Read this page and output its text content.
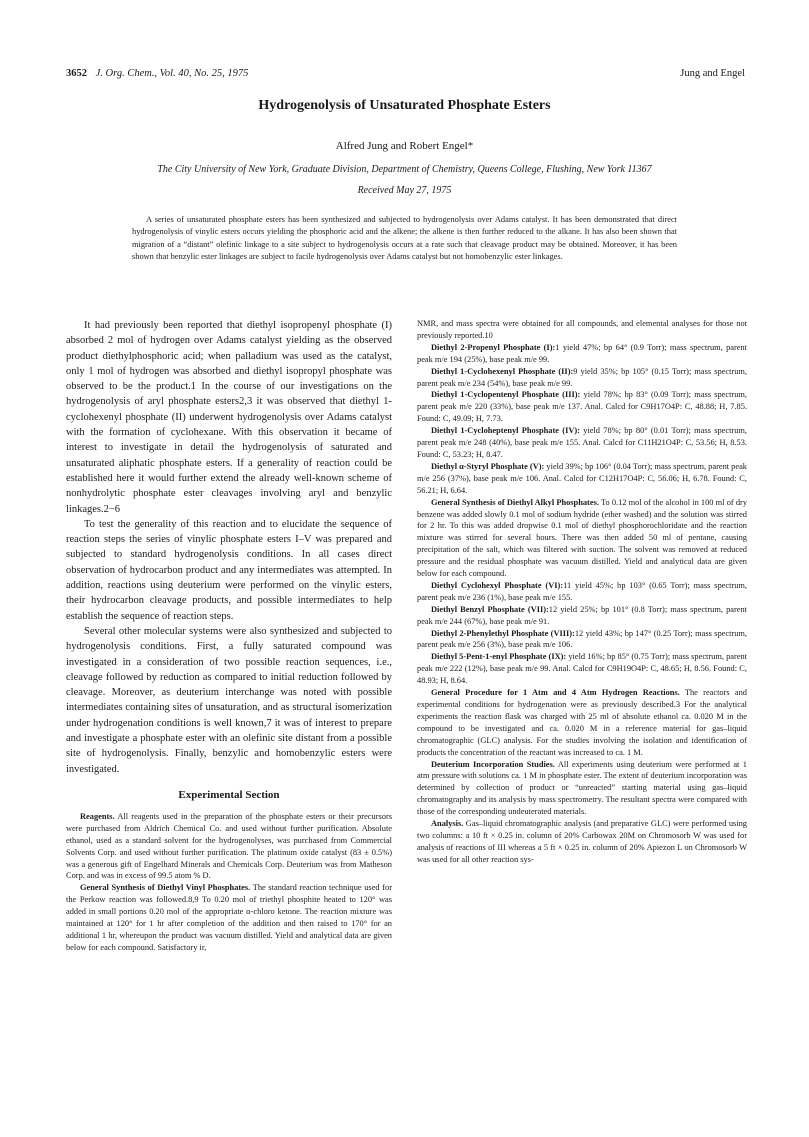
3652 J. Org. Chem., Vol. 40, No. 25, 1975	Jung and Engel
Hydrogenolysis of Unsaturated Phosphate Esters
Alfred Jung and Robert Engel*
The City University of New York, Graduate Division, Department of Chemistry, Queens College, Flushing, New York 11367
Received May 27, 1975

A series of unsaturated phosphate esters has been synthesized and subjected to hydrogenolysis over Adams catalyst. It has been demonstrated that direct hydrogenolysis of vinylic esters occurs yielding the phosphoric acid and the alkene; the alkene is then further reduced to the alkane. It has also been shown that migration of a “distant” olefinic linkage to a site subject to hydrogenolysis occurs at a rate such that cleavage product may be obtained. Moreover, it has been shown that benzylic ester linkages are subject to facile hydrogenolysis over Adams catalyst but not homobenzylic ester linkages.

It had previously been reported that diethyl isopropenyl phosphate (I) absorbed 2 mol of hydrogen over Adams catalyst yielding as the observed product diethylphosphoric acid; when palladium was used as the catalyst, only 1 mol of hydrogen was absorbed and diethyl isopropyl phosphate was observed to be the product.1 In the course of our investigations on the hydrogenolysis of aryl phosphate esters2,3 it was observed that diethyl 1-cyclohexenyl phosphate (II) underwent hydrogenolysis over Adams catalyst with the formation of cyclohexane. With this observation it became of interest to investigate in detail the hydrogenolysis of saturated and unsaturated aliphatic phosphate esters. If a generality of reaction could be established here it would further extend the already well-known scheme of nonhydrolytic phosphate ester cleavages involving aryl and benzylic linkages.2−6

To test the generality of this reaction and to elucidate the sequence of reaction steps the series of vinylic phosphate esters I–V was prepared and subjected to standard hydrogenolysis conditions. In all cases direct observation of hydrocarbon product and any intermediates was attempted. In addition, reactions using deuterium were performed on the vinylic esters, their hydrocarbon cleavage products, and possible intermediates to help establish the sequence of reaction steps.

Several other molecular systems were also synthesized and subjected to hydrogenolysis conditions. First, a fully saturated compound was investigated in a consideration of two possible reaction sequences, i.e., cleavage followed by reduction as compared to initial reduction followed by cleavage. Moreover, as deuterium interchange was noted with possible intermediates containing sites of unsaturation, and as structural isomerization under hydrogenation conditions is well known,7 it was of interest to prepare and investigate a phosphate ester with an olefinic site distant from a possible site of hydrogenolysis. Finally, benzylic and homobenzylic esters were investigated.

Experimental Section

Reagents. All reagents used in the preparation of the phosphate esters or their precursors were purchased from Aldrich Chemical Co. and used without further purification. Absolute ethanol, used as a standard solvent for the hydrogenolyses, was purchased from Commercial Solvents Corp. and used without further purification. The platinum oxide catalyst (83 ± 0.5%) was a generous gift of Engelhard Minerals and Chemicals Corp. Deuterium was from Matheson Corp. and was in excess of 99.5 atom % D.

General Synthesis of Diethyl Vinyl Phosphates. The standard reaction technique used for the Perkow reaction was followed.8,9 To 0.20 mol of triethyl phosphite heated to 120° was added in small portions 0.20 mol of the appropriate α-chloro ketone. The reaction mixture was maintained at 120° for 1 hr after completion of the addition and then raised to 170° for an additional 1 hr, whereupon the product was vacuum distilled. Yield and analytical data are given below for each compound. Satisfactory ir,

NMR, and mass spectra were obtained for all compounds, and elemental analyses for those not previously reported.10

Diethyl 2-Propenyl Phosphate (I):1 yield 47%; bp 64° (0.9 Torr); mass spectrum, parent peak m/e 194 (25%), base peak m/e 99.

Diethyl 1-Cyclohexenyl Phosphate (II):9 yield 35%; bp 105° (0.15 Torr); mass spectrum, parent peak m/e 234 (54%), base peak m/e 99.

Diethyl 1-Cyclopentenyl Phosphate (III): yield 78%; bp 83° (0.09 Torr); mass spectrum, parent peak m/e 220 (33%), base peak m/e 137. Anal. Calcd for C9H17O4P: C, 48.88; H, 7.85. Found: C, 49.09; H, 7.73.

Diethyl 1-Cycloheptenyl Phosphate (IV): yield 78%; bp 80° (0.01 Torr); mass spectrum, parent peak m/e 248 (40%), base peak m/e 155. Anal. Calcd for C11H21O4P: C, 53.56; H, 8.53. Found: C, 53.23; H, 8.47.

Diethyl α-Styryl Phosphate (V): yield 39%; bp 106° (0.04 Torr); mass spectrum, parent peak m/e 256 (37%), base peak m/e 106. Anal. Calcd for C12H17O4P: C, 56.06; H, 6.78. Found: C, 56.21; H, 6.64.

General Synthesis of Diethyl Alkyl Phosphates. To 0.12 mol of the alcohol in 100 ml of dry benzene was added slowly 0.1 mol of sodium hydride (ether washed) and the solution was stirred for 2 hr. To this was added dropwise 0.1 mol of diethyl phosphorochloridate and the reaction mixture was stirred for several hours. There was then added 50 ml of pentane, causing precipitation of the salt, which was filtered with suction. The solvent was removed at reduced pressure and the residual phosphate was vacuum distilled. Yield and analytical data are given below for each compound.

Diethyl Cyclohexyl Phosphate (VI):11 yield 45%; bp 103° (0.65 Torr); mass spectrum, parent peak m/e 236 (1%), base peak m/e 155.

Diethyl Benzyl Phosphate (VII):12 yield 25%; bp 101° (0.8 Torr); mass spectrum, parent peak m/e 244 (67%), base peak m/e 91.

Diethyl 2-Phenylethyl Phosphate (VIII):12 yield 43%; bp 147° (0.25 Torr); mass spectrum, parent peak m/e 256 (3%), base peak m/e 106.

Diethyl 5-Pent-1-enyl Phosphate (IX): yield 16%; bp 85° (0.75 Torr); mass spectrum, parent peak m/e 222 (12%), base peak m/e 99. Anal. Calcd for C9H19O4P: C, 48.65; H, 8.56. Found: C, 48.93; H, 8.64.

General Procedure for 1 Atm and 4 Atm Hydrogen Reactions. The reactors and experimental conditions for hydrogenation were as previously described.3 For the analytical experiments the reaction flask was charged with 25 ml of absolute ethanol ca. 0.020 M in the compound to be investigated and ca. 0.020 M in a reference material for gas–liquid chromatographic (GLC) analysis. For the studies involving the isolation and identification of products the concentration of the reactant was increased to ca. 1 M.

Deuterium Incorporation Studies. All experiments using deuterium were performed at 1 atm pressure with solutions ca. 1 M in phosphate ester. The extent of deuterium incorporation was determined by collection of product or “unreacted” starting material using gas–liquid chromatography and its analysis by mass spectrometry. The resultant spectra were compared with those of the corresponding undeuterated materials.

Analysis. Gas–liquid chromatographic analysis (and preparative GLC) were performed using two columns: a 10 ft × 0.25 in. column of 20% Carbowax 20M on Chromosorb W was used for analysis of reactions of III whereas a 5 ft × 0.25 in. column of 20% Apiezon L on Chromosorb W was used for all other reaction sys-
